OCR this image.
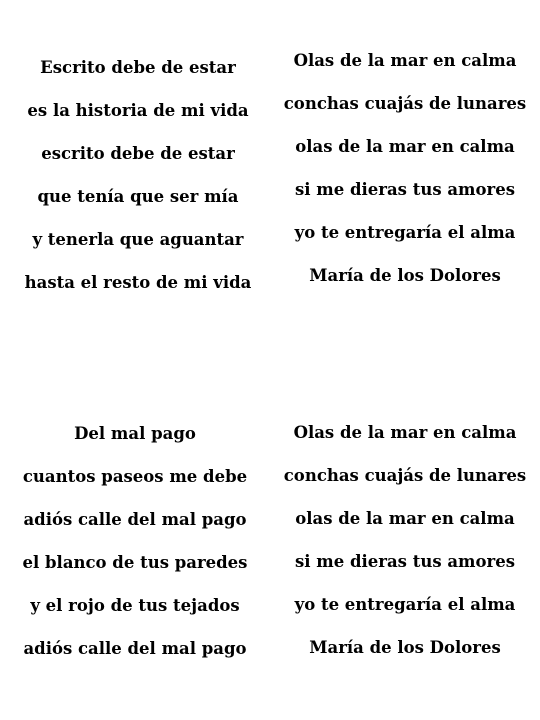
Escrito debe de estar
es la historia de mi vida
escrito debe de estar
que tenía que ser mía
y tenerla que aguantar
hasta el resto de mi vida
Olas de la mar en calma
conchas cuajás de lunares
olas de la mar en calma
si me dieras tus amores
yo te entregaría el alma
María de los Dolores
Del mal pago
cuantos paseos me debe
adiós calle del mal pago
el blanco de tus paredes
y el rojo de tus tejados
adiós calle del mal pago
Olas de la mar en calma
conchas cuajás de lunares
olas de la mar en calma
si me dieras tus amores
yo te entregaría el alma
María de los Dolores
